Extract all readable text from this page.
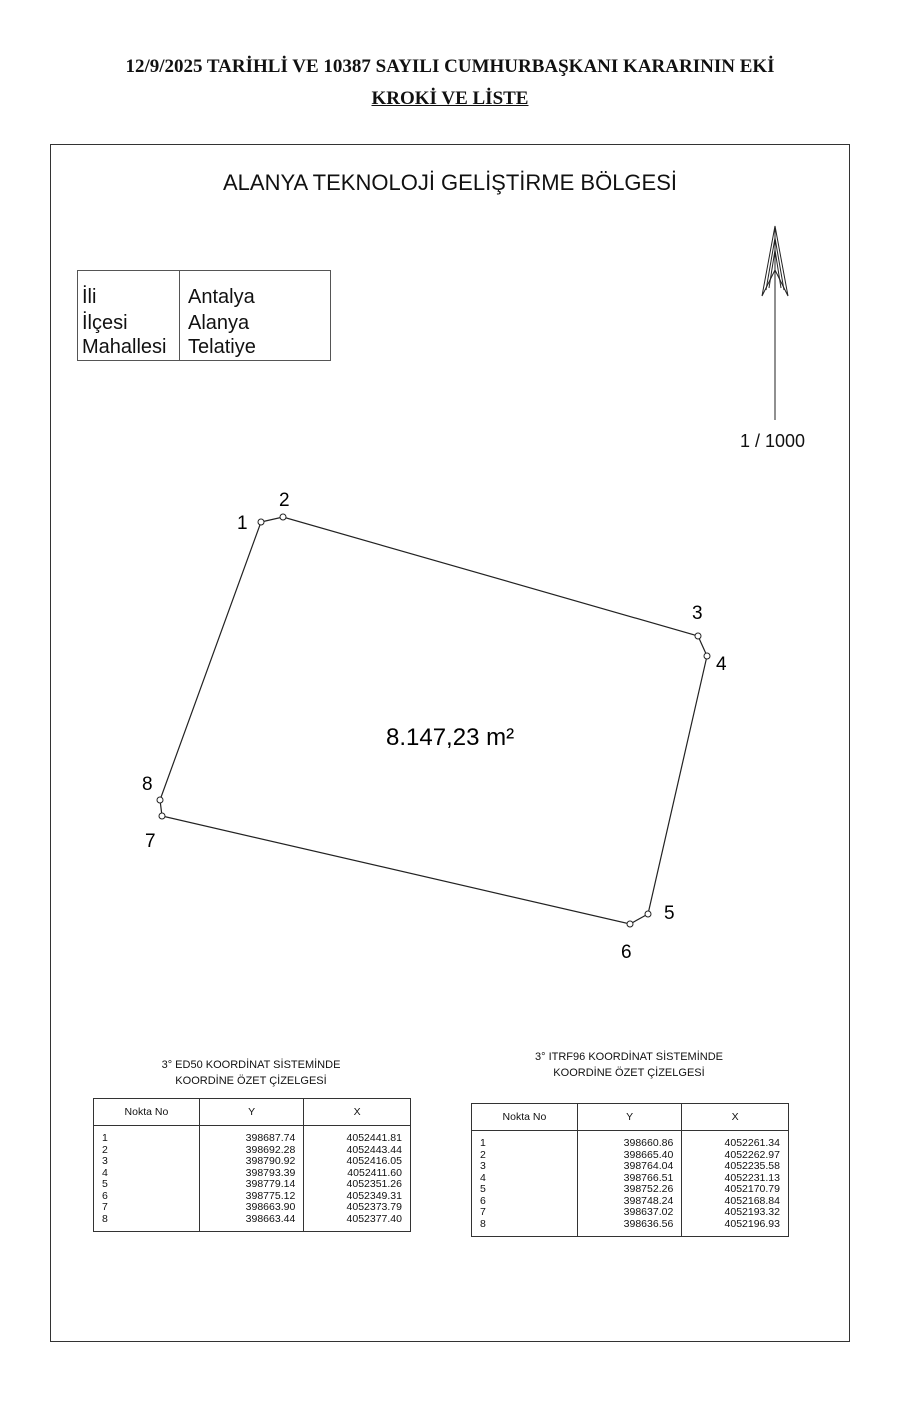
12/9/2025 TARİHLİ VE 10387 SAYILI CUMHURBAŞKANI KARARININ EKİ
KROKİ VE LİSTE
ALANYA TEKNOLOJİ GELİŞTİRME BÖLGESİ
İli	Antalya
İlçesi	Alanya
Mahallesi Telatiye
1 / 1000
1
2
3
4
5
6
7
8
8.147,23 m²
3° ED50 KOORDİNAT SİSTEMİNDE
KOORDİNE ÖZET ÇİZELGESİ
Nokta No	Y	X
1	398687.74	4052441.81
2	398692.28	4052443.44
3	398790.92	4052416.05
4	398793.39	4052411.60
5	398779.14	4052351.26
6	398775.12	4052349.31
7	398663.90	4052373.79
8	398663.44	4052377.40
3° ITRF96 KOORDİNAT SİSTEMİNDE
KOORDİNE ÖZET ÇİZELGESİ
Nokta No	Y	X
1	398660.86	4052261.34
2	398665.40	4052262.97
3	398764.04	4052235.58
4	398766.51	4052231.13
5	398752.26	4052170.79
6	398748.24	4052168.84
7	398637.02	4052193.32
8	398636.56	4052196.93
